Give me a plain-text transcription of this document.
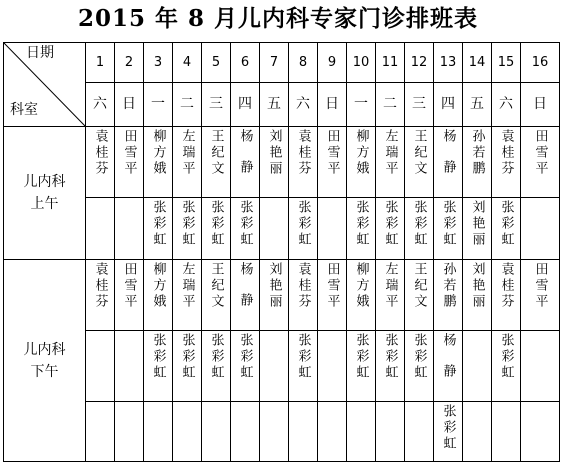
2015 年 8 月儿内科专家门诊排班表
日期
科室	1	2	3	4	5	6	7	8	9	10	11	12	13	14	15	16
	六	日	一	二	三	四	五	六	日	一	二	三	四	五	六	日

儿内科
上午	袁桂芬	田雪平	柳方娥	左瑞平	王纪文	杨静	刘艳丽	袁桂芬	田雪平	柳方娥	左瑞平	王纪文	杨静	孙若鹏	袁桂芬	田雪平
			张彩虹	张彩虹	张彩虹	张彩虹		张彩虹		张彩虹	张彩虹	张彩虹	张彩虹	刘艳丽	张彩虹	

儿内科
下午	袁桂芬	田雪平	柳方娥	左瑞平	王纪文	杨静	刘艳丽	袁桂芬	田雪平	柳方娥	左瑞平	王纪文	孙若鹏	刘艳丽	袁桂芬	田雪平
			张彩虹	张彩虹	张彩虹	张彩虹		张彩虹		张彩虹	张彩虹	张彩虹	杨静		张彩虹	
													张彩虹			
